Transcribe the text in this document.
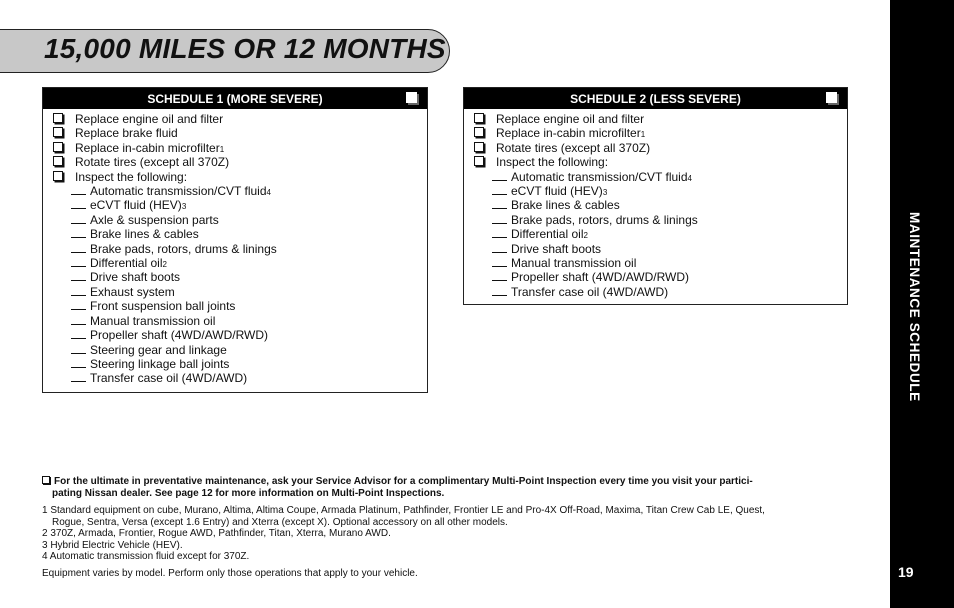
15,000 MILES OR 12 MONTHS
MAINTENANCE SCHEDULE
19
SCHEDULE 1 (MORE SEVERE)
Replace engine oil and filter
Replace brake fluid
Replace in-cabin microfilter 1
Rotate tires (except all 370Z)
Inspect the following:
Automatic transmission/CVT fluid 4
eCVT fluid (HEV) 3
Axle & suspension parts
Brake lines & cables
Brake pads, rotors, drums & linings
Differential oil 2
Drive shaft boots
Exhaust system
Front suspension ball joints
Manual transmission oil
Propeller shaft (4WD/AWD/RWD)
Steering gear and linkage
Steering linkage ball joints
Transfer case oil (4WD/AWD)
SCHEDULE 2 (LESS SEVERE)
Replace engine oil and filter
Replace in-cabin microfilter 1
Rotate tires (except all 370Z)
Inspect the following:
Automatic transmission/CVT fluid 4
eCVT fluid (HEV) 3
Brake lines & cables
Brake pads, rotors, drums & linings
Differential oil 2
Drive shaft boots
Manual transmission oil
Propeller shaft (4WD/AWD/RWD)
Transfer case oil (4WD/AWD)
For the ultimate in preventative maintenance, ask your Service Advisor for a complimentary Multi-Point Inspection every time you visit your partici-
pating Nissan dealer. See page 12 for more information on Multi-Point Inspections.
1 Standard equipment on cube, Murano, Altima, Altima Coupe, Armada Platinum, Pathfinder, Frontier LE and Pro-4X Off-Road, Maxima, Titan Crew Cab LE, Quest,
Rogue, Sentra, Versa (except 1.6 Entry) and Xterra (except X). Optional accessory on all other models.
2 370Z, Armada, Frontier, Rogue AWD, Pathfinder, Titan, Xterra, Murano AWD.
3 Hybrid Electric Vehicle (HEV).
4 Automatic transmission fluid except for 370Z.
Equipment varies by model. Perform only those operations that apply to your vehicle.
